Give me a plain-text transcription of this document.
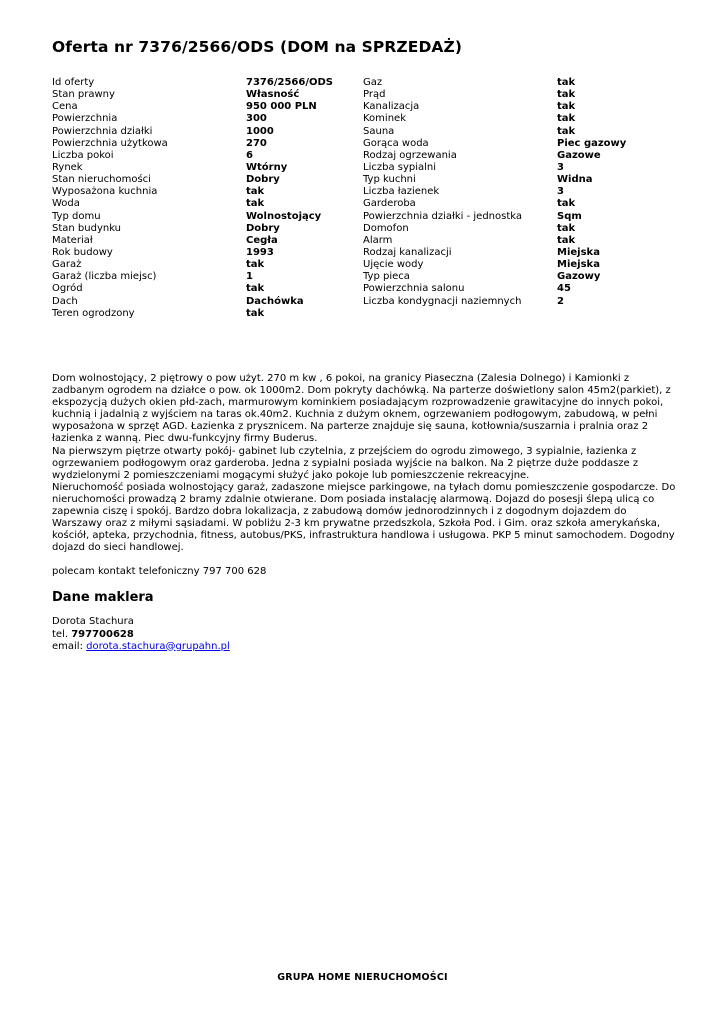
Oferta nr 7376/2566/ODS (DOM na SPRZEDAŻ)
Id oferty	7376/2566/ODS
Stan prawny	Własność
Cena	950 000 PLN
Powierzchnia	300
Powierzchnia działki	1000
Powierzchnia użytkowa	270
Liczba pokoi	6
Rynek	Wtórny
Stan nieruchomości	Dobry
Wyposażona kuchnia	tak
Woda	tak
Typ domu	Wolnostojący
Stan budynku	Dobry
Materiał	Cegła
Rok budowy	1993
Garaż	tak
Garaż (liczba miejsc)	1
Ogród	tak
Dach	Dachówka
Teren ogrodzony	tak
Gaz	tak
Prąd	tak
Kanalizacja	tak
Kominek	tak
Sauna	tak
Gorąca woda	Piec gazowy
Rodzaj ogrzewania	Gazowe
Liczba sypialni	3
Typ kuchni	Widna
Liczba łazienek	3
Garderoba	tak
Powierzchnia działki - jednostka	Sqm
Domofon	tak
Alarm	tak
Rodzaj kanalizacji	Miejska
Ujęcie wody	Miejska
Typ pieca	Gazowy
Powierzchnia salonu	45
Liczba kondygnacji naziemnych	2

Dom wolnostojący, 2 piętrowy o pow użyt. 270 m kw , 6 pokoi, na granicy Piaseczna (Zalesia Dolnego) i Kamionki z zadbanym ogrodem na działce o pow. ok 1000m2. Dom pokryty dachówką. Na parterze doświetlony salon 45m2(parkiet), z ekspozycją dużych okien płd-zach, marmurowym kominkiem posiadającym rozprowadzenie grawitacyjne do innych pokoi, kuchnią i jadalnią z wyjściem na taras ok.40m2. Kuchnia z dużym oknem, ogrzewaniem podłogowym, zabudową, w pełni wyposażona w sprzęt AGD. Łazienka z prysznicem. Na parterze znajduje się sauna, kotłownia/suszarnia i pralnia oraz 2 łazienka z wanną. Piec dwu-funkcyjny firmy Buderus.

Na pierwszym piętrze otwarty pokój- gabinet lub czytelnia, z przejściem do ogrodu zimowego, 3 sypialnie, łazienka z ogrzewaniem podłogowym oraz garderoba. Jedna z sypialni posiada wyjście na balkon. Na 2 piętrze duże poddasze z wydzielonymi 2 pomieszczeniami mogącymi służyć jako pokoje lub pomieszczenie rekreacyjne.

Nieruchomość posiada wolnostojący garaż, zadaszone miejsce parkingowe, na tyłach domu pomieszczenie gospodarcze. Do nieruchomości prowadzą 2 bramy zdalnie otwierane. Dom posiada instalację alarmową. Dojazd do posesji ślepą ulicą co zapewnia ciszę i spokój. Bardzo dobra lokalizacja, z zabudową domów jednorodzinnych i z dogodnym dojazdem do Warszawy oraz z miłymi sąsiadami. W pobliżu 2-3 km prywatne przedszkola, Szkoła Pod. i Gim. oraz szkoła amerykańska, kościół, apteka, przychodnia, fitness, autobus/PKS, infrastruktura handlowa i usługowa. PKP 5 minut samochodem. Dogodny dojazd do sieci handlowej.

polecam kontakt telefoniczny 797 700 628
Dane maklera
Dorota Stachura
tel. 797700628
email: dorota.stachura@grupahn.pl
GRUPA HOME NIERUCHOMOŚCI
